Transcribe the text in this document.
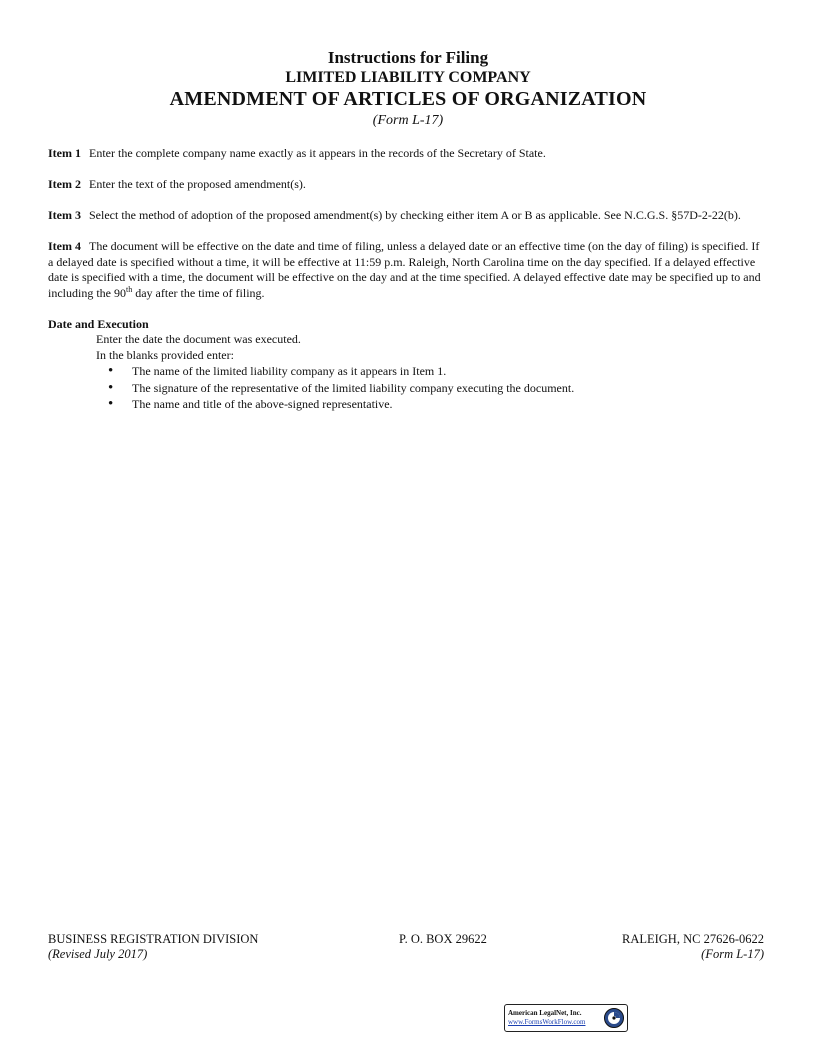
Instructions for Filing
LIMITED LIABILITY COMPANY
AMENDMENT OF ARTICLES OF ORGANIZATION
(Form L-17)
Item 1 Enter the complete company name exactly as it appears in the records of the Secretary of State.
Item 2 Enter the text of the proposed amendment(s).
Item 3 Select the method of adoption of the proposed amendment(s) by checking either item A or B as applicable. See N.C.G.S. §57D-2-22(b).
Item 4 The document will be effective on the date and time of filing, unless a delayed date or an effective time (on the day of filing) is specified. If a delayed date is specified without a time, it will be effective at 11:59 p.m. Raleigh, North Carolina time on the day specified. If a delayed effective date is specified with a time, the document will be effective on the day and at the time specified. A delayed effective date may be specified up to and including the 90th day after the time of filing.
Date and Execution
Enter the date the document was executed.
In the blanks provided enter:
• The name of the limited liability company as it appears in Item 1.
• The signature of the representative of the limited liability company executing the document.
• The name and title of the above-signed representative.
BUSINESS REGISTRATION DIVISION	P. O. BOX 29622	RALEIGH, NC 27626-0622
(Revised July 2017)	(Form L-17)
American LegalNet, Inc.
www.FormsWorkFlow.com
